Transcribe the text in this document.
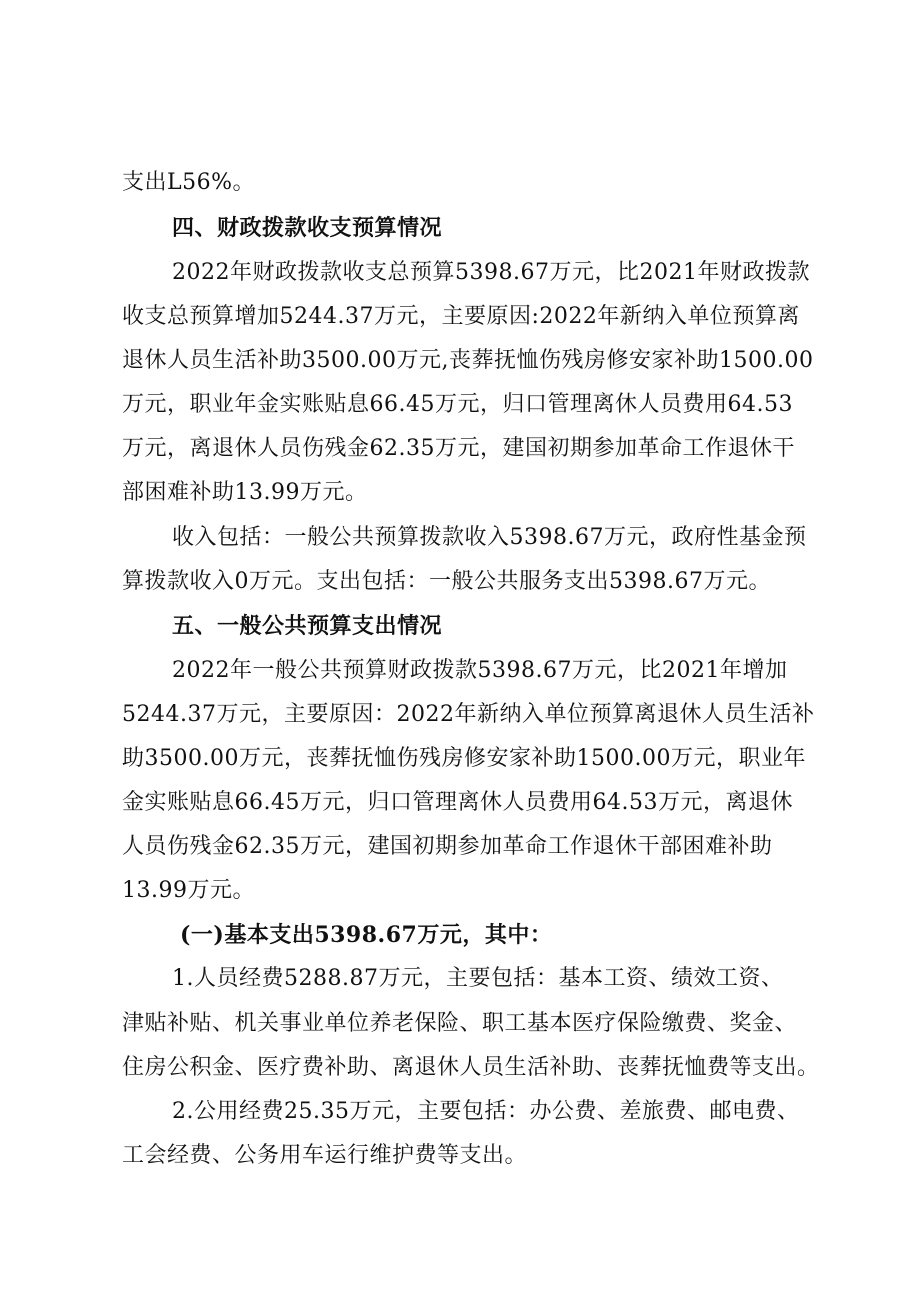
支出L56%。
四、财政拨款收支预算情况
2022年财政拨款收支总预算5398.67万元，比2021年财政拨款
收支总预算增加5244.37万元，主要原因:2022年新纳入单位预算离
退休人员生活补助3500.00万元,丧葬抚恤伤残房修安家补助1500.00
万元，职业年金实账贴息66.45万元，归口管理离休人员费用64.53
万元，离退休人员伤残金62.35万元，建国初期参加革命工作退休干
部困难补助13.99万元。
收入包括：一般公共预算拨款收入5398.67万元，政府性基金预
算拨款收入0万元。支出包括：一般公共服务支出5398.67万元。
五、一般公共预算支出情况
2022年一般公共预算财政拨款5398.67万元，比2021年增加
5244.37万元，主要原因：2022年新纳入单位预算离退休人员生活补
助3500.00万元，丧葬抚恤伤残房修安家补助1500.00万元，职业年
金实账贴息66.45万元，归口管理离休人员费用64.53万元，离退休
人员伤残金62.35万元，建国初期参加革命工作退休干部困难补助
13.99万元。
(一)基本支出5398.67万元，其中：
1.人员经费5288.87万元，主要包括：基本工资、绩效工资、
津贴补贴、机关事业单位养老保险、职工基本医疗保险缴费、奖金、
住房公积金、医疗费补助、离退休人员生活补助、丧葬抚恤费等支出。
2.公用经费25.35万元，主要包括：办公费、差旅费、邮电费、
工会经费、公务用车运行维护费等支出。
